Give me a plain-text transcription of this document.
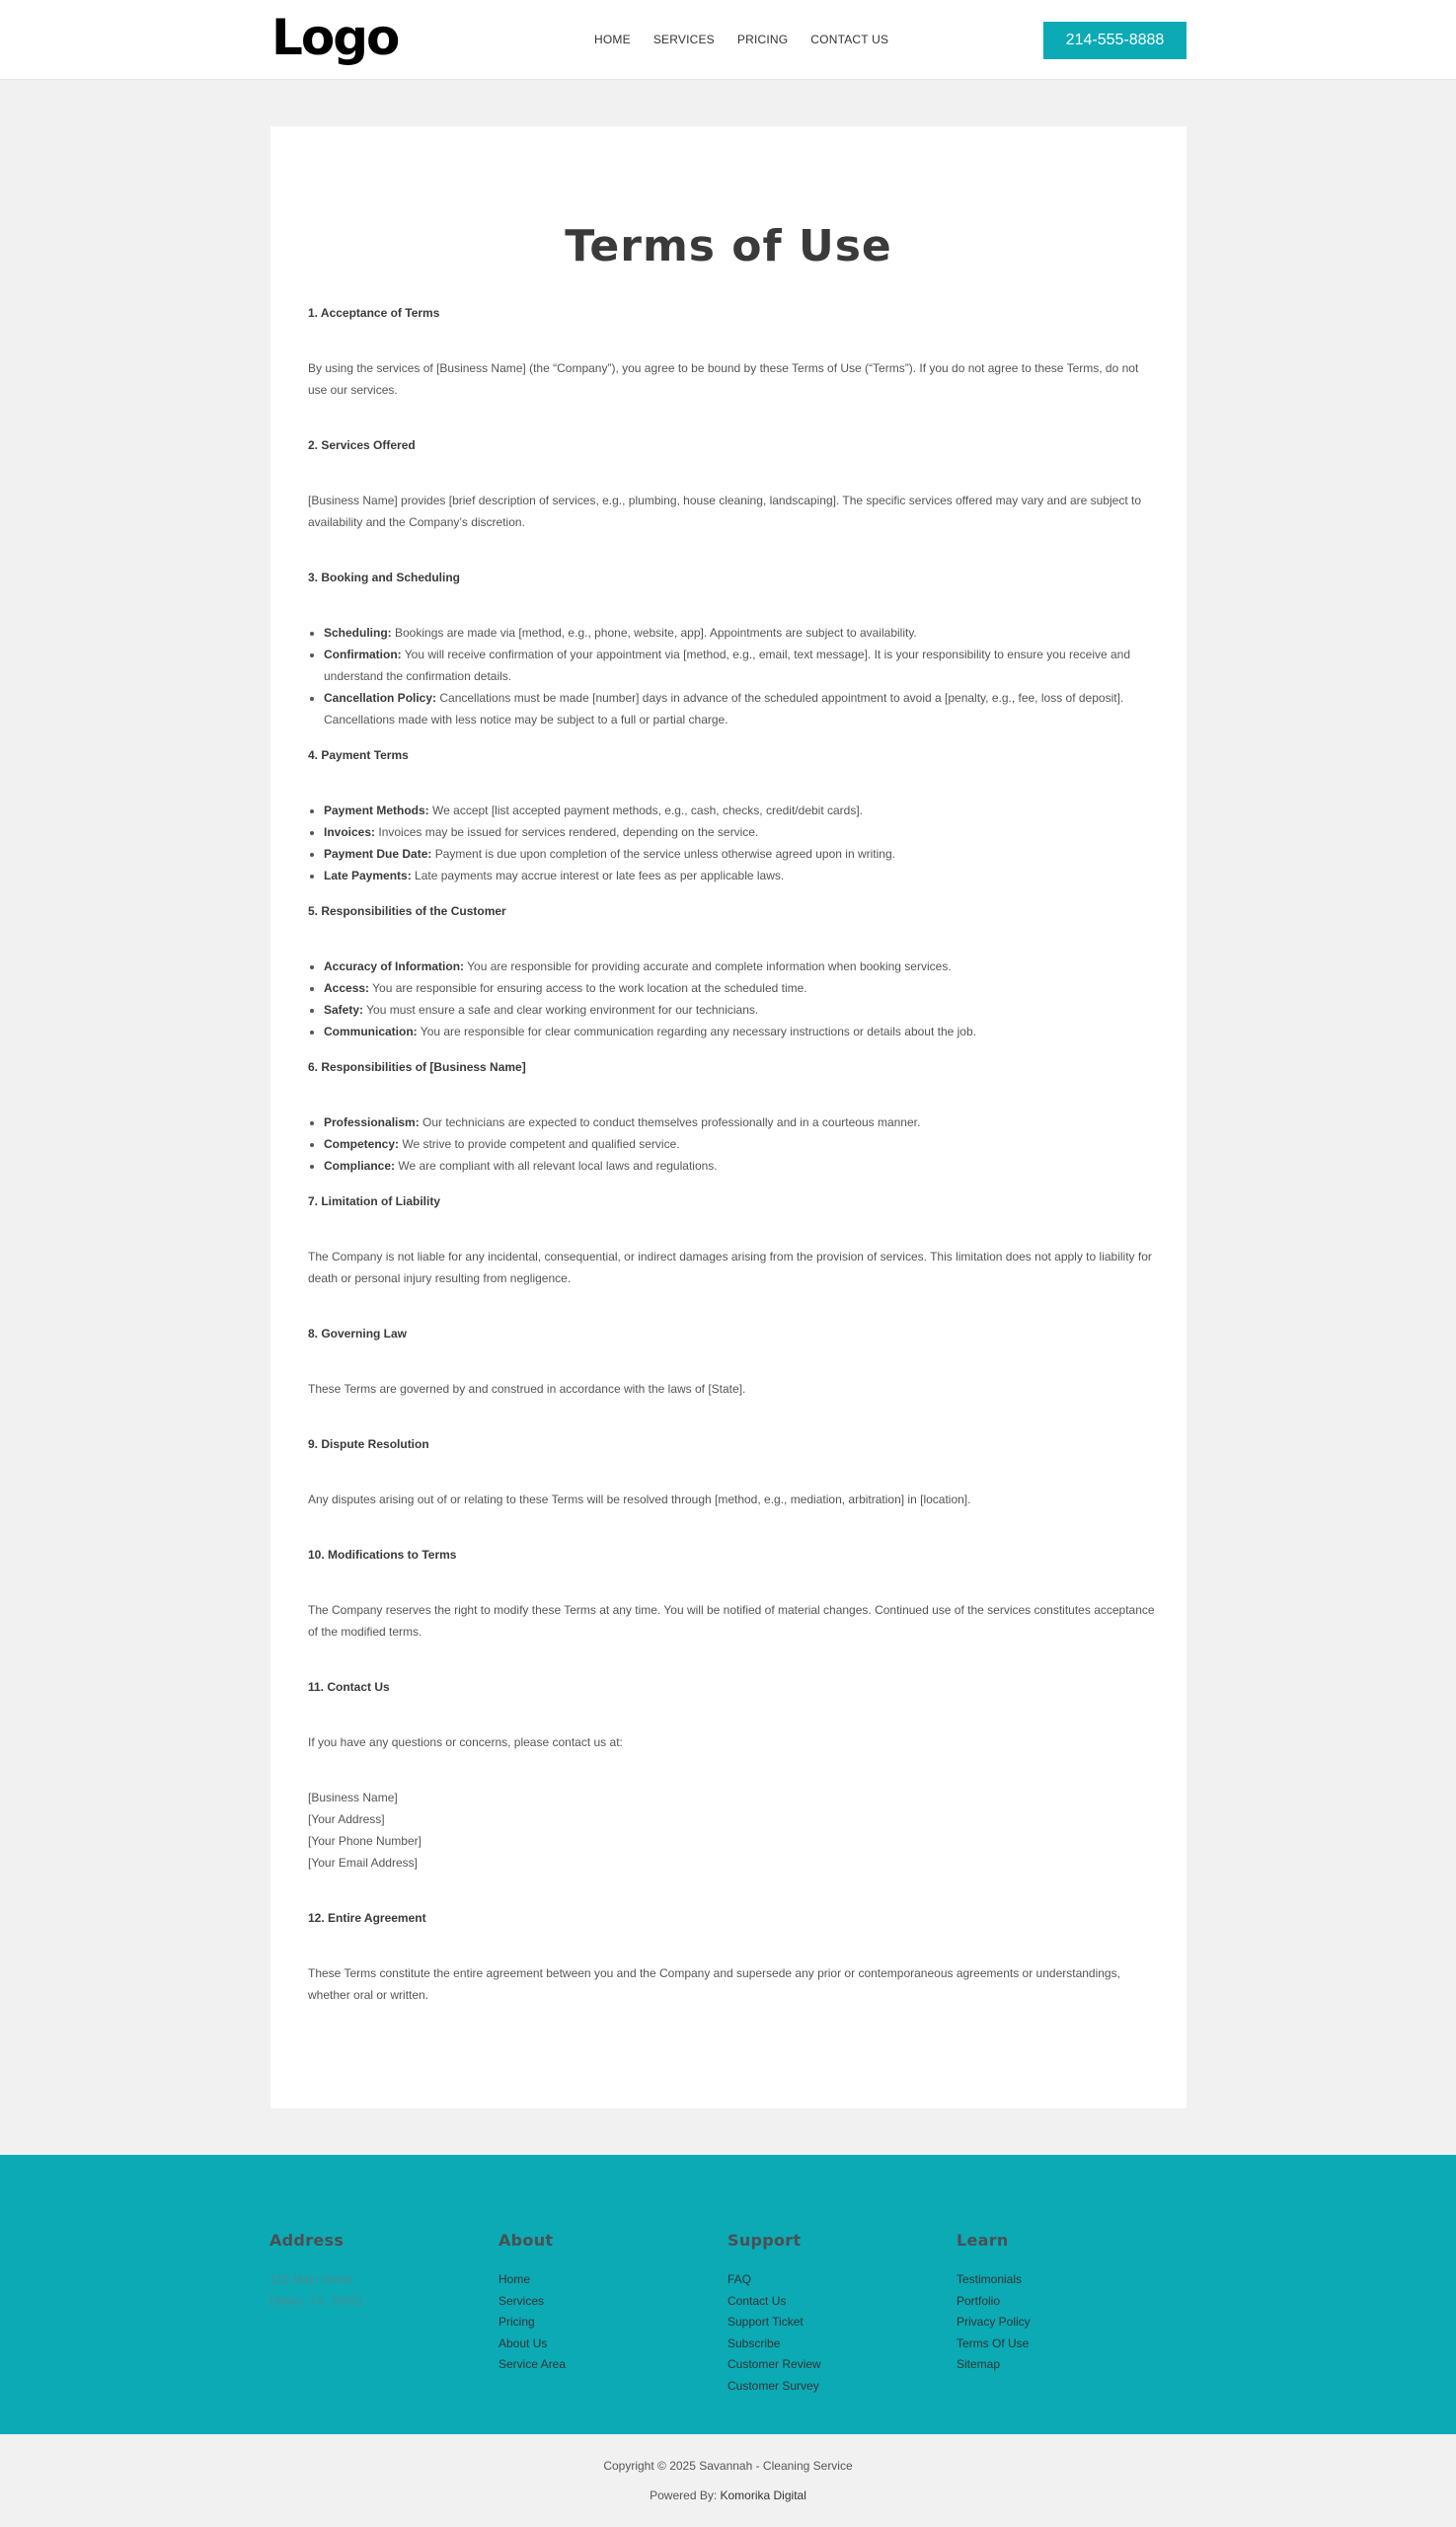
Logo	HOME SERVICES PRICING CONTACT US	214-555-8888
Terms of Use
1. Acceptance of Terms

By using the services of [Business Name] (the “Company”), you agree to be bound by these Terms of Use (“Terms”). If you do not agree to these Terms, do not use our services.

2. Services Offered

[Business Name] provides [brief description of services, e.g., plumbing, house cleaning, landscaping]. The specific services offered may vary and are subject to availability and the Company’s discretion.

3. Booking and Scheduling
• Scheduling: Bookings are made via [method, e.g., phone, website, app]. Appointments are subject to availability.
• Confirmation: You will receive confirmation of your appointment via [method, e.g., email, text message]. It is your responsibility to ensure you receive and understand the confirmation details.
• Cancellation Policy: Cancellations must be made [number] days in advance of the scheduled appointment to avoid a [penalty, e.g., fee, loss of deposit]. Cancellations made with less notice may be subject to a full or partial charge.
4. Payment Terms
• Payment Methods: We accept [list accepted payment methods, e.g., cash, checks, credit/debit cards].
• Invoices: Invoices may be issued for services rendered, depending on the service.
• Payment Due Date: Payment is due upon completion of the service unless otherwise agreed upon in writing.
• Late Payments: Late payments may accrue interest or late fees as per applicable laws.
5. Responsibilities of the Customer
• Accuracy of Information: You are responsible for providing accurate and complete information when booking services.
• Access: You are responsible for ensuring access to the work location at the scheduled time.
• Safety: You must ensure a safe and clear working environment for our technicians.
• Communication: You are responsible for clear communication regarding any necessary instructions or details about the job.
6. Responsibilities of [Business Name]
• Professionalism: Our technicians are expected to conduct themselves professionally and in a courteous manner.
• Competency: We strive to provide competent and qualified service.
• Compliance: We are compliant with all relevant local laws and regulations.
7. Limitation of Liability

The Company is not liable for any incidental, consequential, or indirect damages arising from the provision of services. This limitation does not apply to liability for death or personal injury resulting from negligence.

8. Governing Law

These Terms are governed by and construed in accordance with the laws of [State].

9. Dispute Resolution

Any disputes arising out of or relating to these Terms will be resolved through [method, e.g., mediation, arbitration] in [location].

10. Modifications to Terms

The Company reserves the right to modify these Terms at any time. You will be notified of material changes. Continued use of the services constitutes acceptance of the modified terms.

11. Contact Us

If you have any questions or concerns, please contact us at:

[Business Name]

[Your Address]

[Your Phone Number]

[Your Email Address]

12. Entire Agreement

These Terms constitute the entire agreement between you and the Company and supersede any prior or contemporaneous agreements or understandings, whether oral or written.

Address
123 Main Street
Dallas, TX, 75001
About
Home
Services
Pricing
About Us
Service Area
Support
FAQ
Contact Us
Support Ticket
Subscribe
Customer Review
Customer Survey
Learn
Testimonials
Portfolio
Privacy Policy
Terms Of Use
Sitemap
Copyright © 2025 Savannah - Cleaning Service
Powered By: Komorika Digital
